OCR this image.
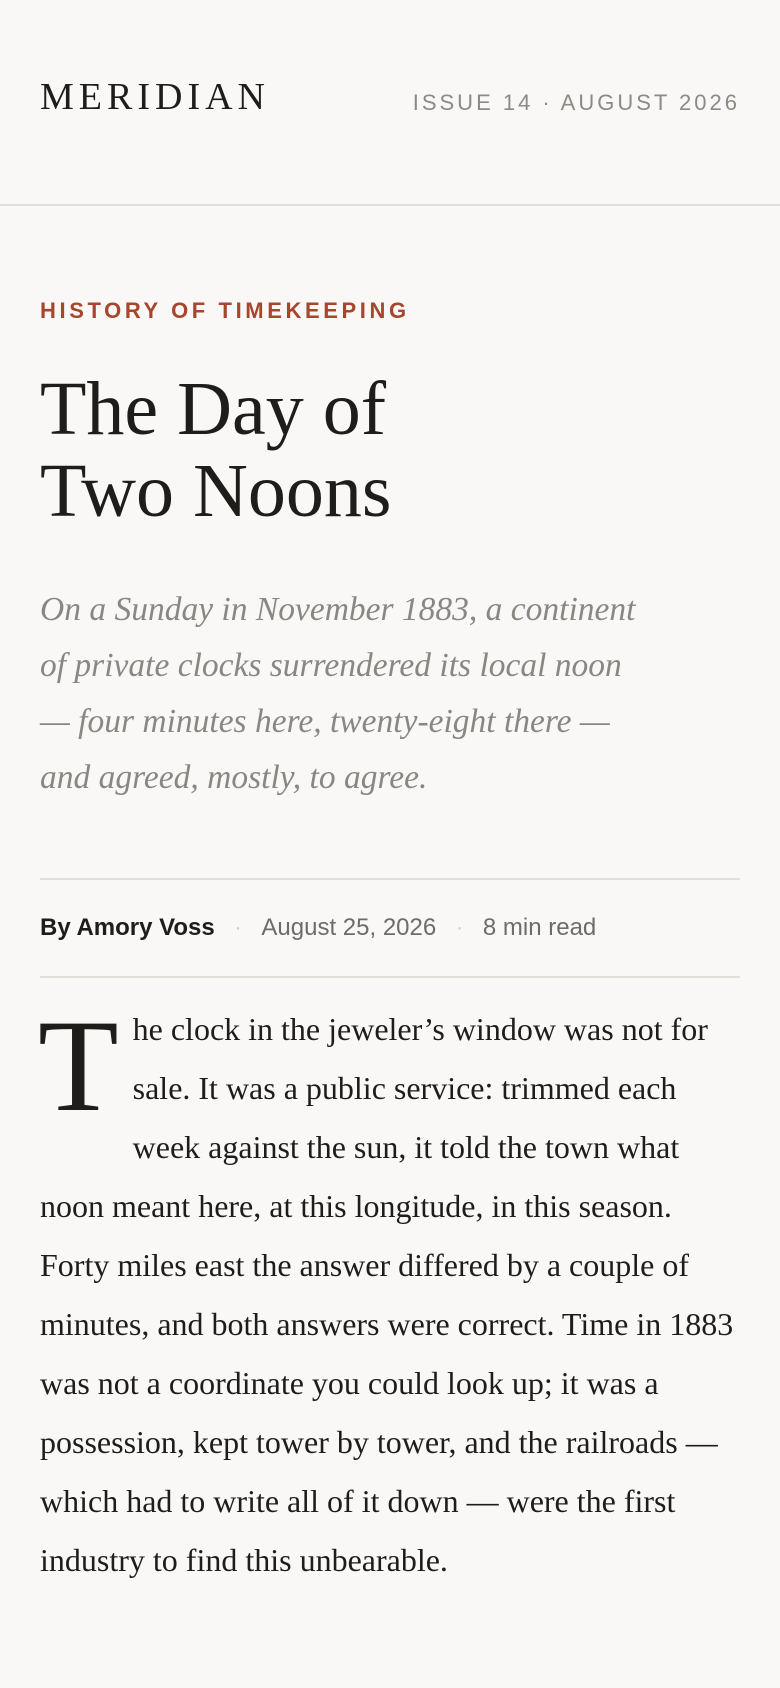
MERIDIAN	ISSUE 14 · AUGUST 2026
HISTORY OF TIMEKEEPING
The Day of
Two Noons

On a Sunday in November 1883, a continent of private clocks surrendered its local noon — four minutes here, twenty-eight there — and agreed, mostly, to agree.

By Amory Voss · August 25, 2026 · 8 min read

The clock in the jeweler’s window was not for sale. It was a public service: trimmed each week against the sun, it told the town what noon meant here, at this longitude, in this season. Forty miles east the answer differed by a couple of minutes, and both answers were correct. Time in 1883 was not a coordinate you could look up; it was a possession, kept tower by tower, and the railroads — which had to write all of it down — were the first industry to find this unbearable.
